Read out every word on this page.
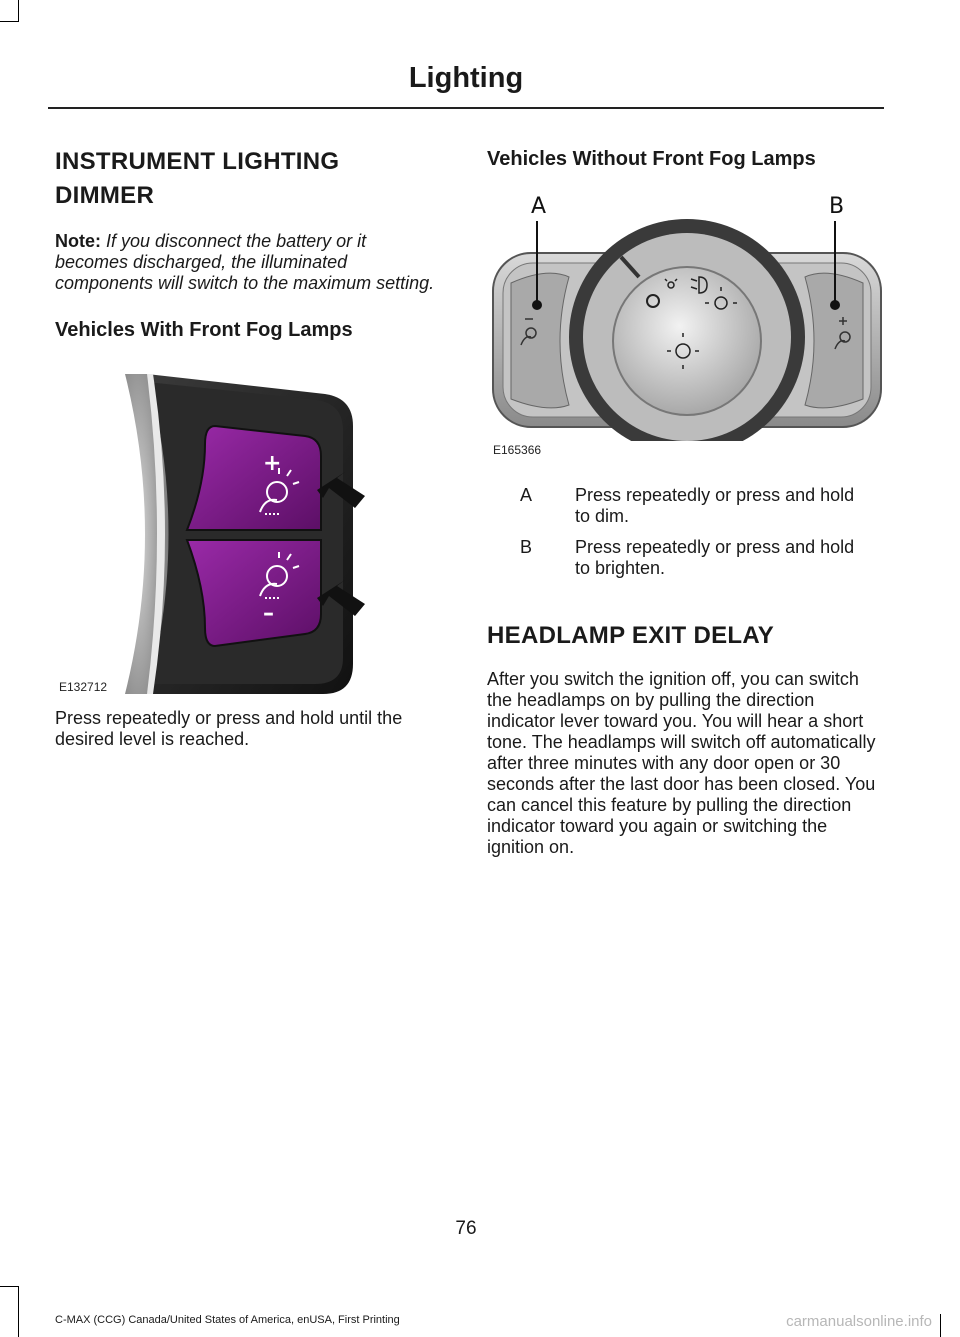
Lighting
INSTRUMENT LIGHTING DIMMER

Note: If you disconnect the battery or it becomes discharged, the illuminated components will switch to the maximum setting.

Vehicles With Front Fog Lamps
+
–
E132712

Press repeatedly or press and hold until the desired level is reached.

Vehicles Without Front Fog Lamps
A	B
E165366
A	Press repeatedly or press and hold to dim.
B	Press repeatedly or press and hold to brighten.
HEADLAMP EXIT DELAY

After you switch the ignition off, you can switch the headlamps on by pulling the direction indicator lever toward you. You will hear a short tone. The headlamps will switch off automatically after three minutes with any door open or 30 seconds after the last door has been closed. You can cancel this feature by pulling the direction indicator toward you again or switching the ignition on.

76
C-MAX (CCG) Canada/United States of America, enUSA, First Printing	carmanualsonline.info
